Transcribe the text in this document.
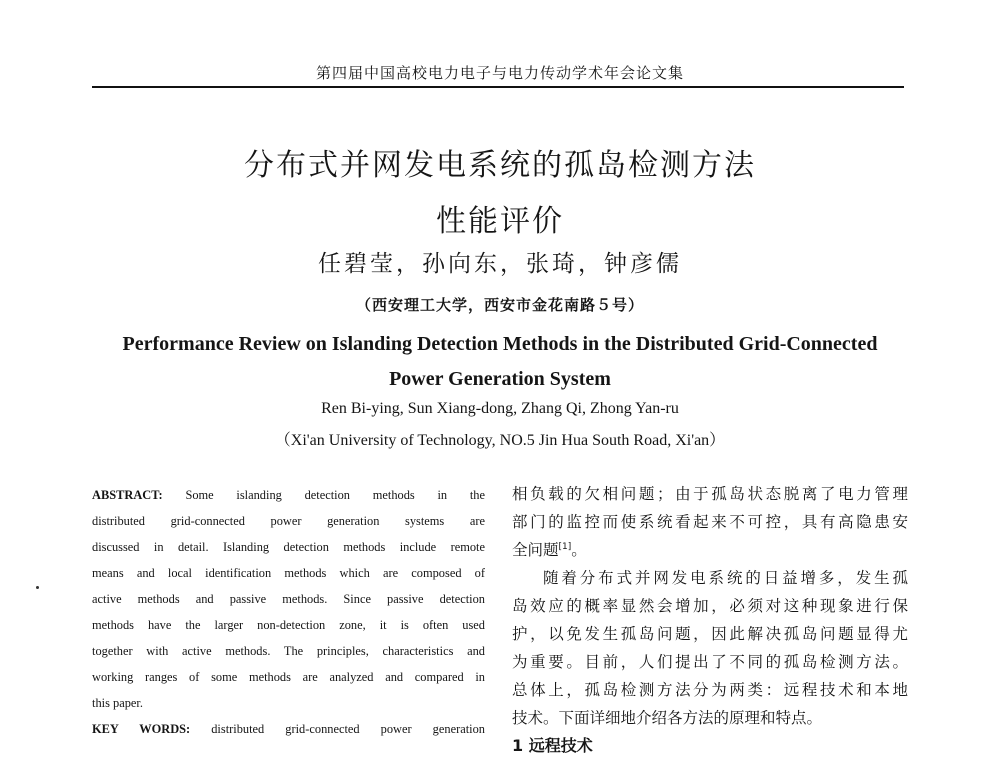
第四届中国高校电力电子与电力传动学术年会论文集
分布式并网发电系统的孤岛检测方法
性能评价
任碧莹，孙向东，张琦，钟彦儒
（西安理工大学，西安市金花南路５号）
Performance Review on Islanding Detection Methods in the Distributed Grid-Connected
Power Generation System
Ren Bi-ying, Sun Xiang-dong, Zhang Qi, Zhong Yan-ru
（Xi'an University of Technology, NO.5 Jin Hua South Road, Xi'an）
ABSTRACT: Some islanding detection methods in the
distributed grid-connected power generation systems are
discussed in detail. Islanding detection methods include remote
means and local identification methods which are composed of
active methods and passive methods. Since passive detection
methods have the larger non-detection zone, it is often used
together with active methods. The principles, characteristics and
working ranges of some methods are analyzed and compared in
this paper.
KEY WORDS: distributed grid-connected power generation
相负载的欠相问题；由于孤岛状态脱离了电力管理
部门的监控而使系统看起来不可控，具有高隐患安
全问题[1]。
随着分布式并网发电系统的日益增多，发生孤
岛效应的概率显然会增加，必须对这种现象进行保
护，以免发生孤岛问题，因此解决孤岛问题显得尤
为重要。目前，人们提出了不同的孤岛检测方法。
总体上，孤岛检测方法分为两类：远程技术和本地
技术。下面详细地介绍各方法的原理和特点。
1 远程技术
